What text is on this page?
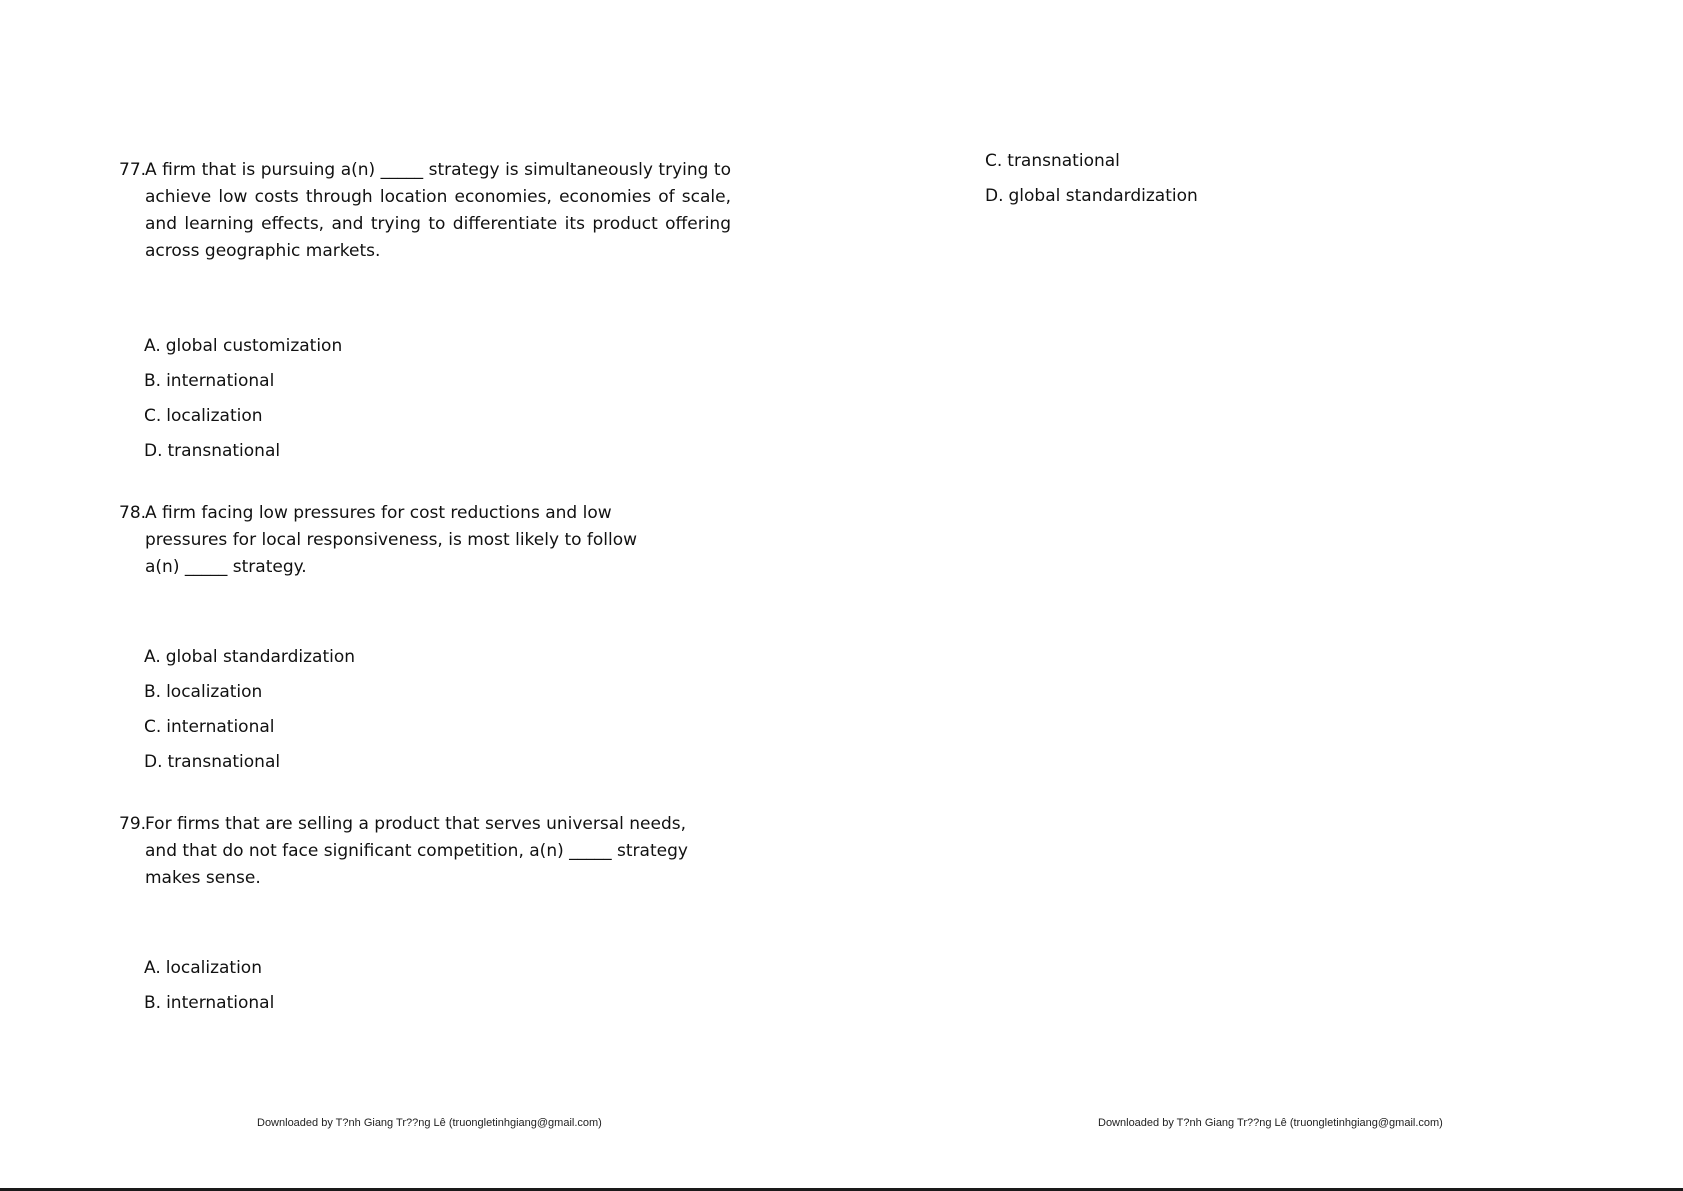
77.
A firm that is pursuing a(n) _____ strategy is simultaneously trying to achieve low costs through location economies, economies of scale, and learning effects, and trying to differentiate its product offering across geographic markets.
A. global customization
B. international
C. localization
D. transnational
78.
A firm facing low pressures for cost reductions and low pressures for local responsiveness, is most likely to follow a(n) _____ strategy.
A. global standardization
B. localization
C. international
D. transnational
79.
For firms that are selling a product that serves universal needs, and that do not face significant competition, a(n) _____ strategy makes sense.
A. localization
B. international
Downloaded by T?nh Giang Tr??ng Lê (truongletinhgiang@gmail.com)
C. transnational
D. global standardization
Downloaded by T?nh Giang Tr??ng Lê (truongletinhgiang@gmail.com)
